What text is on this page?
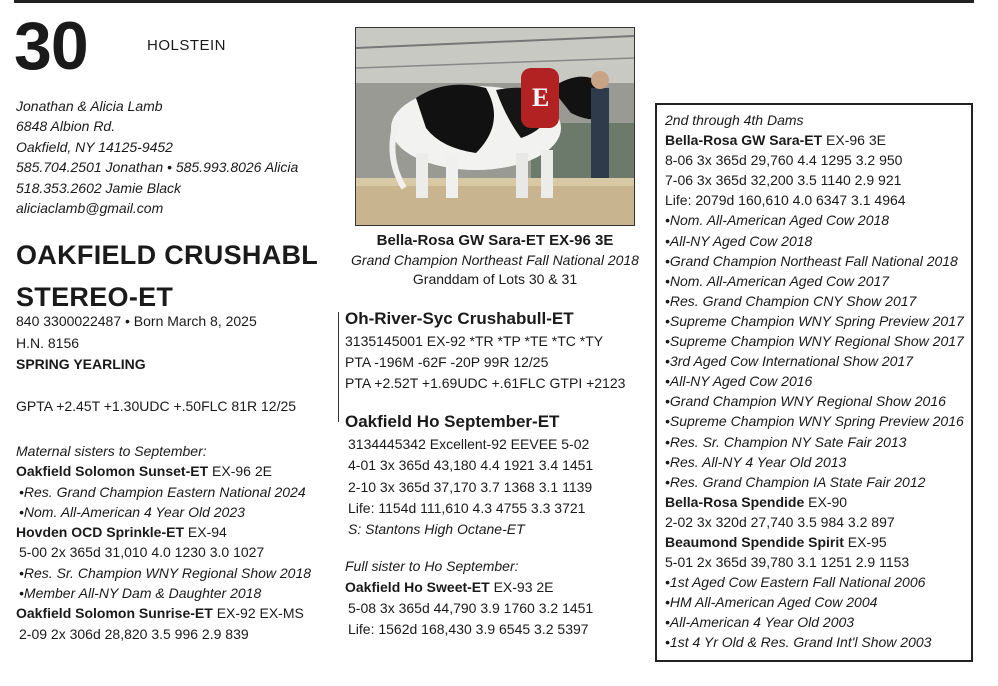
30	HOLSTEIN
Jonathan & Alicia Lamb
6848 Albion Rd.
Oakfield, NY 14125-9452
585.704.2501 Jonathan • 585.993.8026 Alicia
518.353.2602 Jamie Black
aliciaclamb@gmail.com
OAKFIELD CRUSHABL
STEREO-ET
840 3300022487 • Born March 8, 2025
H.N. 8156
SPRING YEARLING
GPTA +2.45T +1.30UDC +.50FLC 81R 12/25
Maternal sisters to September:
Oakfield Solomon Sunset-ET EX-96 2E
•Res. Grand Champion Eastern National 2024
•Nom. All-American 4 Year Old 2023
Hovden OCD Sprinkle-ET EX-94
5-00 2x 365d 31,010 4.0 1230 3.0 1027
•Res. Sr. Champion WNY Regional Show 2018
•Member All-NY Dam & Daughter 2018
Oakfield Solomon Sunrise-ET EX-92 EX-MS
2-09 2x 306d 28,820 3.5 996 2.9 839
E
Bella-Rosa GW Sara-ET EX-96 3E
Grand Champion Northeast Fall National 2018
Granddam of Lots 30 & 31
Oh-River-Syc Crushabull-ET
3135145001 EX-92 *TR *TP *TE *TC *TY
PTA -196M -62F -20P 99R 12/25
PTA +2.52T +1.69UDC +.61FLC GTPI +2123
Oakfield Ho September-ET
3134445342 Excellent-92 EEVEE 5-02
4-01 3x 365d 43,180 4.4 1921 3.4 1451
2-10 3x 365d 37,170 3.7 1368 3.1 1139
Life: 1154d 111,610 4.3 4755 3.3 3721
S: Stantons High Octane-ET
Full sister to Ho September:
Oakfield Ho Sweet-ET EX-93 2E
5-08 3x 365d 44,790 3.9 1760 3.2 1451
Life: 1562d 168,430 3.9 6545 3.2 5397
2nd through 4th Dams
Bella-Rosa GW Sara-ET EX-96 3E
8-06 3x 365d 29,760 4.4 1295 3.2 950
7-06 3x 365d 32,200 3.5 1140 2.9 921
Life: 2079d 160,610 4.0 6347 3.1 4964
•Nom. All-American Aged Cow 2018
•All-NY Aged Cow 2018
•Grand Champion Northeast Fall National 2018
•Nom. All-American Aged Cow 2017
•Res. Grand Champion CNY Show 2017
•Supreme Champion WNY Spring Preview 2017
•Supreme Champion WNY Regional Show 2017
•3rd Aged Cow International Show 2017
•All-NY Aged Cow 2016
•Grand Champion WNY Regional Show 2016
•Supreme Champion WNY Spring Preview 2016
•Res. Sr. Champion NY Sate Fair 2013
•Res. All-NY 4 Year Old 2013
•Res. Grand Champion IA State Fair 2012
Bella-Rosa Spendide EX-90
2-02 3x 320d 27,740 3.5 984 3.2 897
Beaumond Spendide Spirit EX-95
5-01 2x 365d 39,780 3.1 1251 2.9 1153
•1st Aged Cow Eastern Fall National 2006
•HM All-American Aged Cow 2004
•All-American 4 Year Old 2003
•1st 4 Yr Old & Res. Grand Int'l Show 2003
